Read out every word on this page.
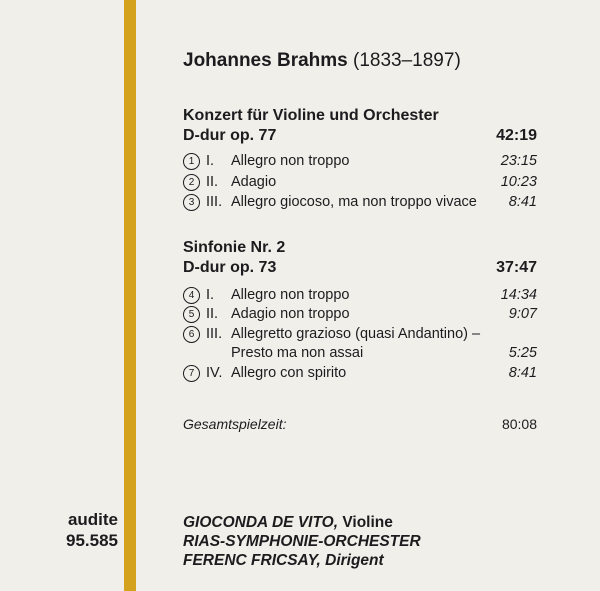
audite
95.585
Johannes Brahms (1833–1897)
Konzert für Violine und Orchester
D-dur op. 77	42:19
1 I. Allegro non troppo	23:15
2 II. Adagio	10:23
3 III. Allegro giocoso, ma non troppo vivace 8:41
Sinfonie Nr. 2
D-dur op. 73	37:47
4 I. Allegro non troppo	14:34
5 II. Adagio non troppo	9:07
6 III. Allegretto grazioso (quasi Andantino) –
Presto ma non assai	5:25
7 IV. Allegro con spirito	8:41
Gesamtspielzeit:	80:08
GIOCONDA DE VITO, Violine
RIAS-SYMPHONIE-ORCHESTER
FERENC FRICSAY, Dirigent
